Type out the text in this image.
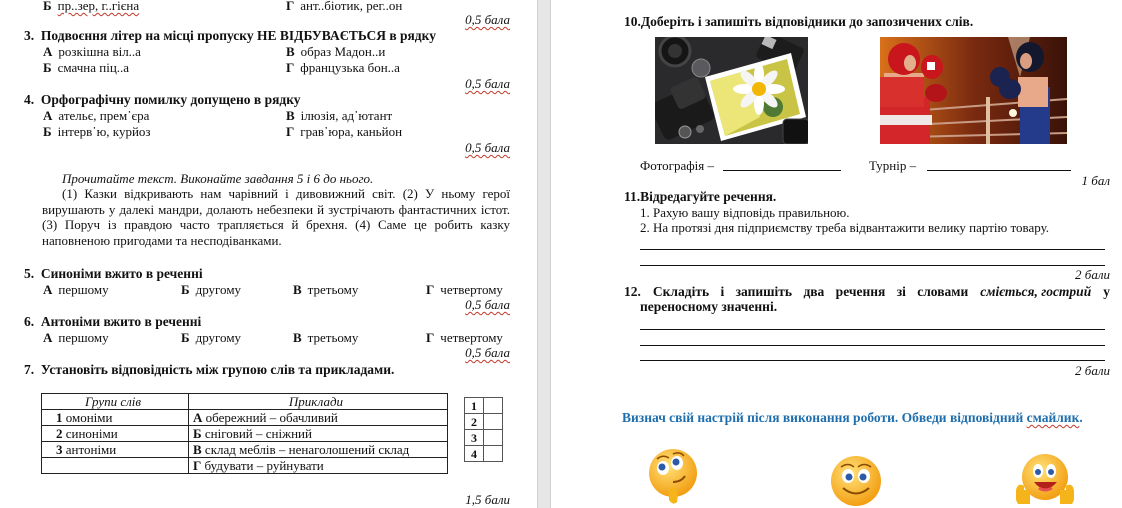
Б пр..зер, г..гієна	Г ант..біотик, рег..он
0,5 бала
3. Подвоєння літер на місці пропуску НЕ ВІДБУВАЄТЬСЯ в рядку
А розкішна віл..а	В образ Мадон..и
Б смачна піц..а	Г французька бон..а
0,5 бала
4. Орфографічну помилку допущено в рядку
А ательє, прем᾿єра	В ілюзія, ад᾿ютант
Б інтерв᾿ю, курйоз	Г грав᾿юра, каньйон
0,5 бала
Прочитайте текст. Виконайте завдання 5 і 6 до нього.
(1) Казки відкривають нам чарівний і дивовижний світ. (2) У ньому герої вирушають у далекі мандри, долають небезпеки й зустрічають фантастичних істот. (3) Поруч із правдою часто трапляється й брехня. (4) Саме це робить казку наповненою пригодами та несподіванками.
5. Синоніми вжито в реченні
А першому	Б другому	В третьому	Г четвертому
0,5 бала
6. Антоніми вжито в реченні
А першому	Б другому	В третьому	Г четвертому
0,5 бала
7. Установіть відповідність між групою слів та прикладами.
Групи слів	Приклади
1 омоніми	А обережний – обачливий
2 синоніми	Б сніговий – сніжний
3 антоніми	В склад меблів – ненаголошений склад
	Г будувати – руйнувати
1	
2	
3	
4	
1,5 бали
10.Доберіть і запишіть відповідники до запозичених слів.
Фотографія –	Турнір –
1 бал
11.Відредагуйте речення.
1. Рахую вашу відповідь правильною.
2. На протязі дня підприємству треба відвантажити велику партію товару.
2 бали
12. Складіть і запишіть два речення зі словами сміється, гострий у
переносному значенні.
2 бали
Визнач свій настрій після виконання роботи. Обведи відповідний смайлик.
